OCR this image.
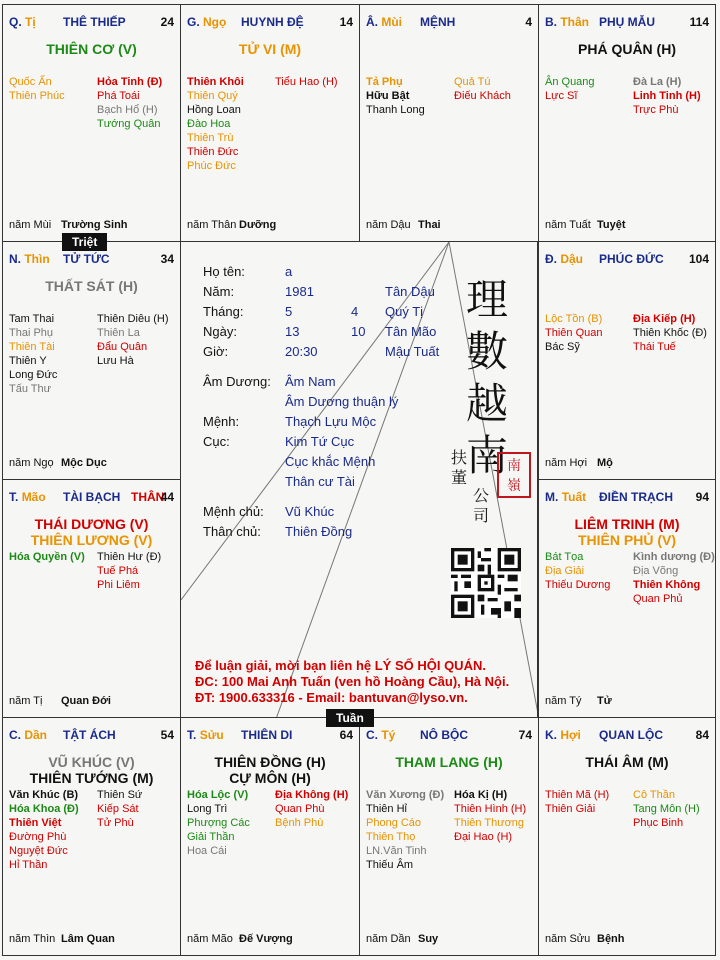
Q. Tị THÊ THIẾP	24
THIÊN CƠ (V)
Quốc Ấn
Thiên Phúc
Hỏa Tinh (Đ)
Phá Toái
Bạch Hổ (H)
Tướng Quân
năm Mùi Trường Sinh
G. Ngọ HUYNH ĐỆ	14
TỬ VI (M)
Thiên Khôi
Thiên Quý
Hồng Loan
Đào Hoa
Thiên Trù
Thiên Đức
Phúc Đức
Tiểu Hao (H)
năm Thân Dưỡng
Â. Mùi MỆNH	4
Tả Phụ
Hữu Bật
Thanh Long
Quả Tú
Điếu Khách
năm Dậu Thai
B. Thân PHỤ MẪU	114
PHÁ QUÂN (H)
Ân Quang
Lực Sĩ
Đà La (H)
Linh Tinh (H)
Trực Phù
năm Tuất Tuyệt
N. Thìn TỬ TỨC	34
THẤT SÁT (H)
Tam Thai
Thai Phụ
Thiên Tài
Thiên Y
Long Đức
Tấu Thư
Thiên Diêu (H)
Thiên La
Đẩu Quân
Lưu Hà
năm Ngọ Mộc Dục
Đ. Dậu PHÚC ĐỨC 104
Lộc Tồn (B)
Thiên Quan
Bác Sỹ
Địa Kiếp (H)
Thiên Khốc (Đ)
Thái Tuế
năm Hợi Mộ
T. Mão TÀI BẠCH THÂN
44
THÁI DƯƠNG (V)
THIÊN LƯƠNG (V)
Hóa Quyền (V) Thiên Hư (Đ)
Tuế Phá
Phi Liêm
năm Tị Quan Đới
M. Tuất ĐIỀN TRẠCH 94
LIÊM TRINH (M)
THIÊN PHỦ (V)
Bát Tọa
Địa Giải
Thiếu Dương
Kình dương (Đ)
Địa Võng
Thiên Không
Quan Phủ
năm Tý Tử
C. Dần TẬT ÁCH	54
VŨ KHÚC (V)
THIÊN TƯỚNG (M)
Văn Khúc (B)
Hóa Khoa (Đ)
Thiên Việt
Đường Phù
Nguyệt Đức
Hỉ Thần
Thiên Sứ
Kiếp Sát
Tử Phù
năm Thìn Lâm Quan
T. Sửu THIÊN DI	64
THIÊN ĐỒNG (H)
CỰ MÔN (H)
Hóa Lộc (V)
Long Trì
Phượng Các
Giải Thần
Hoa Cái
Địa Không (H)
Quan Phù
Bệnh Phù
năm Mão Đế Vượng
C. Tý NÔ BỘC	74
THAM LANG (H)
Văn Xương (Đ)
Thiên Hỉ
Phong Cáo
Thiên Thọ
LN.Văn Tinh
Thiếu Âm
Hóa Kị (H)
Thiên Hình (H)
Thiên Thương
Đại Hao (H)
năm Dần Suy
K. Hợi QUAN LỘC	84
THÁI ÂM (M)
Thiên Mã (H)
Thiên Giải
Cô Thần
Tang Môn (H)
Phục Binh
năm Sửu Bệnh
Họ tên:	a
Năm:	1981	Tân Dậu
Tháng:	5	4 Quý Tị
Ngày:	13	10 Tân Mão
Giờ:	20:30	Mậu Tuất
Âm Dương: Âm Nam
Âm Dương thuận lý
Mệnh:	Thạch Lựu Mộc
Cục:	Kim Tứ Cục
Cục khắc Mệnh
Thân cư Tài
Mệnh chủ: Vũ Khúc
Thân chủ: Thiên Đồng
理
數
越
南
扶
董
公
司
南
嶺
Để luận giải, mời bạn liên hệ LÝ SỐ HỘI QUÁN.
ĐC: 100 Mai Anh Tuấn (ven hồ Hoàng Cầu), Hà Nội.
ĐT: 1900.633316 - Email: bantuvan@lyso.vn.
Triệt
Tuần
